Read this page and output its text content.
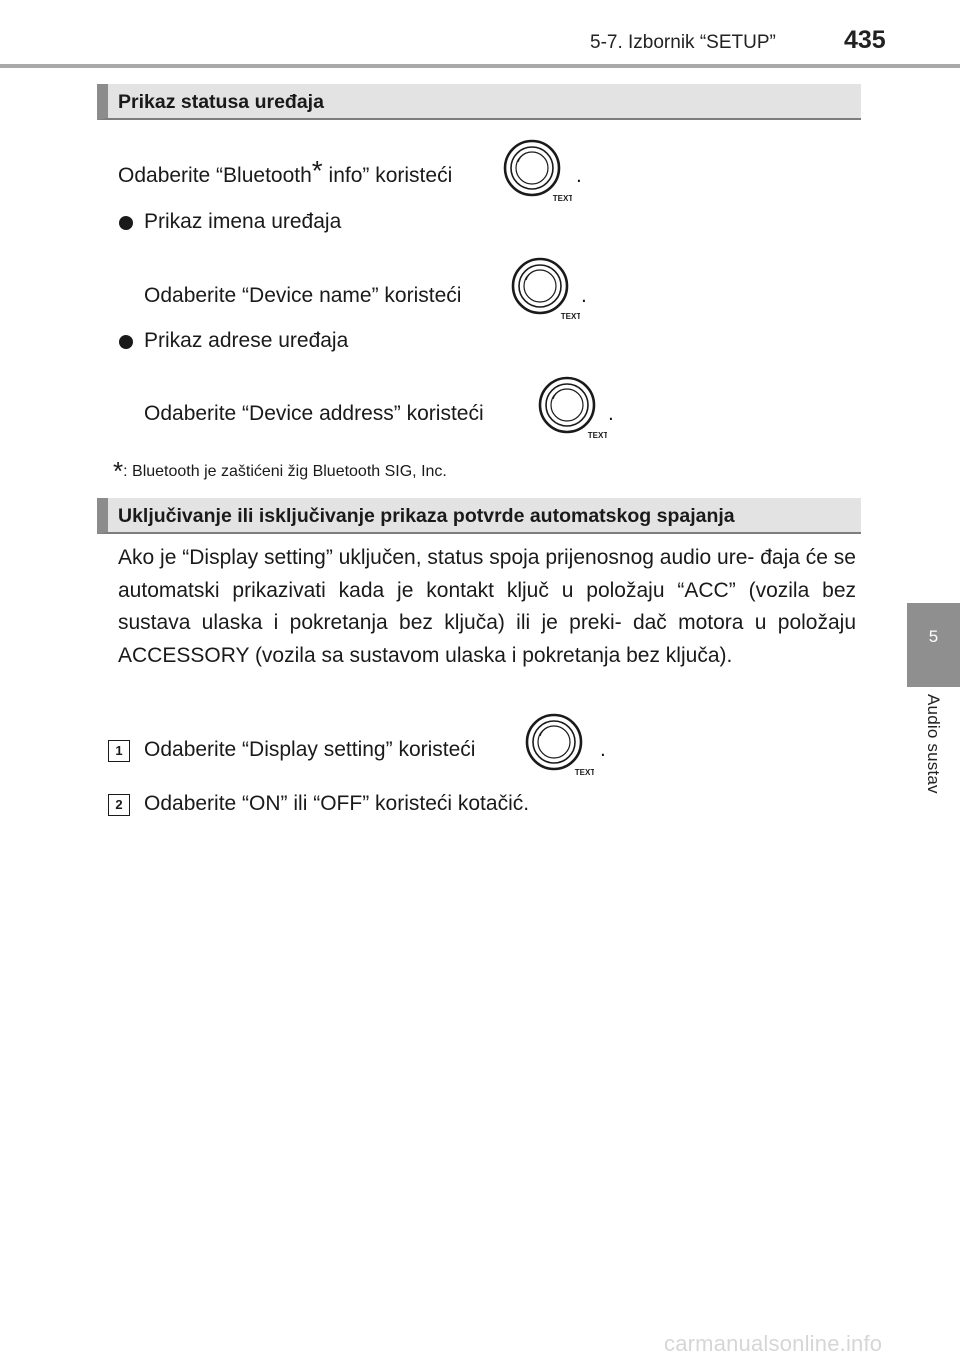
5-7. Izbornik “SETUP”	435
5
Audio sustav
Prikaz statusa uređaja
Odaberite “Bluetooth* info” koristeći
TEXT
.
Prikaz imena uređaja
Odaberite “Device name” koristeći
TEXT
.
Prikaz adrese uređaja
Odaberite “Device address” koristeći
TEXT
.
*: Bluetooth je zaštićeni žig Bluetooth SIG, Inc.
Uključivanje ili isključivanje prikaza potvrde automatskog spajanja
Ako je “Display setting” uključen, status spoja prijenosnog audio ure- đaja će se automatski prikazivati kada je kontakt ključ u položaju “ACC” (vozila bez sustava ulaska i pokretanja bez ključa) ili je preki- dač motora u položaju ACCESSORY (vozila sa sustavom ulaska i pokretanja bez ključa).
1	Odaberite “Display setting” koristeći
TEXT
.
2	Odaberite “ON” ili “OFF” koristeći kotačić.
carmanualsonline.info
